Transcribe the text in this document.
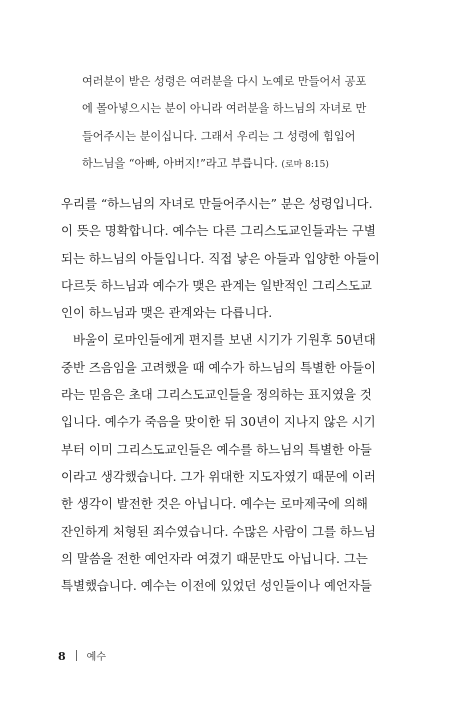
여러분이 받은 성령은 여러분을 다시 노예로 만들어서 공포
에 몰아넣으시는 분이 아니라 여러분을 하느님의 자녀로 만
들어주시는 분이십니다. 그래서 우리는 그 성령에 힘입어
하느님을 “아빠, 아버지!”라고 부릅니다. (로마 8:15)
우리를 “하느님의 자녀로 만들어주시는” 분은 성령입니다.
이 뜻은 명확합니다. 예수는 다른 그리스도교인들과는 구별
되는 하느님의 아들입니다. 직접 낳은 아들과 입양한 아들이
다르듯 하느님과 예수가 맺은 관계는 일반적인 그리스도교
인이 하느님과 맺은 관계와는 다릅니다.
바울이 로마인들에게 편지를 보낸 시기가 기원후 50년대
중반 즈음임을 고려했을 때 예수가 하느님의 특별한 아들이
라는 믿음은 초대 그리스도교인들을 정의하는 표지였을 것
입니다. 예수가 죽음을 맞이한 뒤 30년이 지나지 않은 시기
부터 이미 그리스도교인들은 예수를 하느님의 특별한 아들
이라고 생각했습니다. 그가 위대한 지도자였기 때문에 이러
한 생각이 발전한 것은 아닙니다. 예수는 로마제국에 의해
잔인하게 처형된 죄수였습니다. 수많은 사람이 그를 하느님
의 말씀을 전한 예언자라 여겼기 때문만도 아닙니다. 그는
특별했습니다. 예수는 이전에 있었던 성인들이나 예언자들
8 예수
